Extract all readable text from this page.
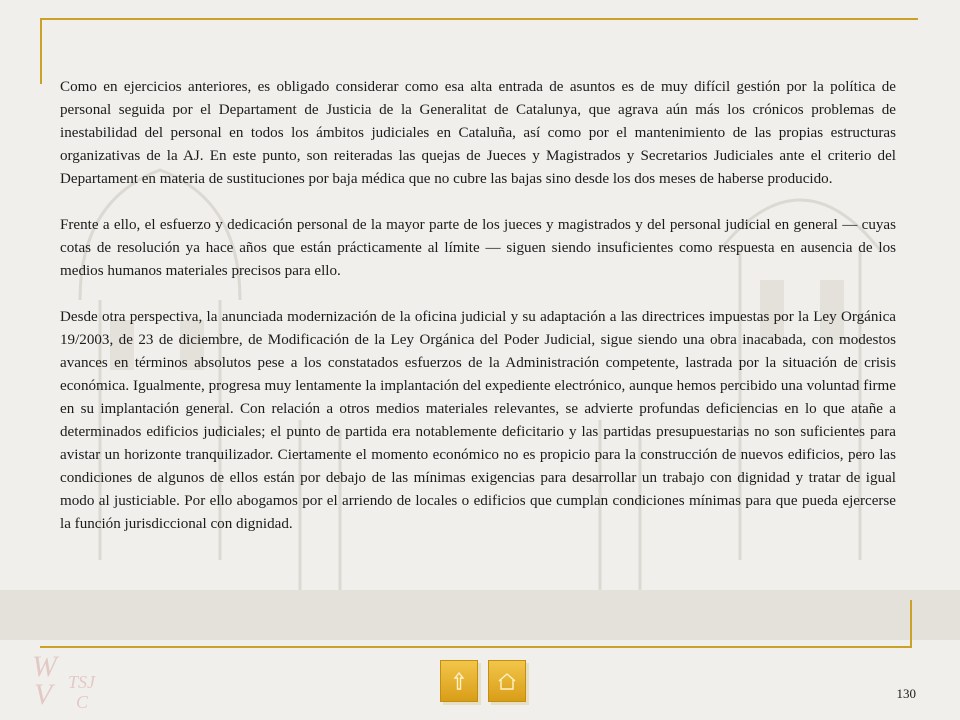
Como en ejercicios anteriores, es obligado considerar como esa alta entrada de asuntos es de muy difícil gestión por la política de personal seguida por el Departament de Justicia de la Generalitat de Catalunya, que agrava aún más los crónicos problemas de inestabilidad del personal en todos los ámbitos judiciales en Cataluña, así como por el mantenimiento de las propias estructuras organizativas de la AJ. En este punto, son reiteradas las quejas de Jueces y Magistrados y Secretarios Judiciales ante el criterio del Departament en materia de sustituciones por baja médica que no cubre las bajas sino desde los dos meses de haberse producido.

Frente a ello, el esfuerzo y dedicación personal de la mayor parte de los jueces y magistrados y del personal judicial en general — cuyas cotas de resolución ya hace años que están prácticamente al límite — siguen siendo insuficientes como respuesta en ausencia de los medios humanos materiales precisos para ello.

Desde otra perspectiva, la anunciada modernización de la oficina judicial y su adaptación a las directrices impuestas por la Ley Orgánica 19/2003, de 23 de diciembre, de Modificación de la Ley Orgánica del Poder Judicial, sigue siendo una obra inacabada, con modestos avances en términos absolutos pese a los constatados esfuerzos de la Administración competente, lastrada por la situación de crisis económica. Igualmente, progresa muy lentamente la implantación del expediente electrónico, aunque hemos percibido una voluntad firme en su implantación general. Con relación a otros medios materiales relevantes, se advierte profundas deficiencias en lo que atañe a determinados edificios judiciales; el punto de partida era notablemente deficitario y las partidas presupuestarias no son suficientes para avistar un horizonte tranquilizador. Ciertamente el momento económico no es propicio para la construcción de nuevos edificios, pero las condiciones de algunos de ellos están por debajo de las mínimas exigencias para desarrollar un trabajo con dignidad y tratar de igual modo al justiciable. Por ello abogamos por el arriendo de locales o edificios que cumplan condiciones mínimas para que pueda ejercerse la función jurisdiccional con dignidad.

W
V TSJ
C	130
